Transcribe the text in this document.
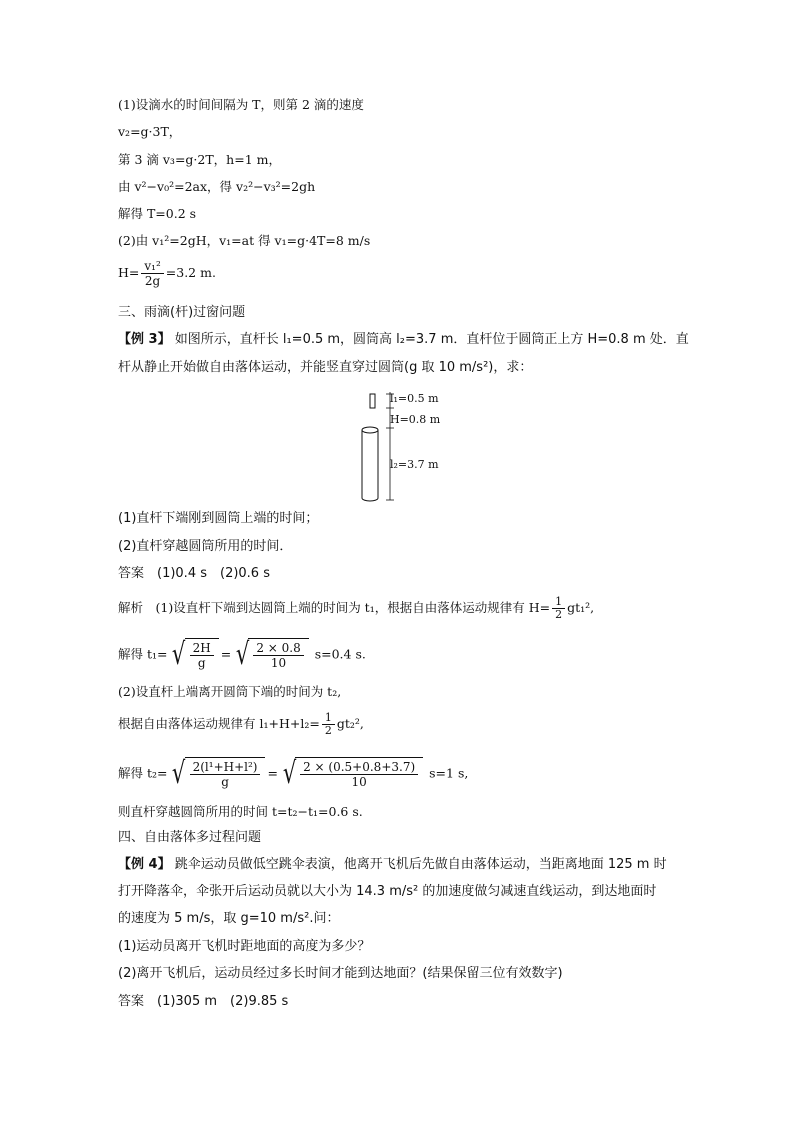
(1)设滴水的时间间隔为 T，则第 2 滴的速度
v₂=g·3T，
第 3 滴 v₃=g·2T，h=1 m，
由 v²−v₀²=2ax，得 v₂²−v₃²=2gh
解得 T=0.2 s
(2)由 v₁²=2gH，v₁=at 得 v₁=g·4T=8 m/s
$H= \frac{\text{v₁²}}{2g} =3.2$ m.
三、雨滴(杆)过窗问题
【例 3】 如图所示，直杆长 l₁=0.5 m，圆筒高 l₂=3.7 m．直杆位于圆筒正上方 H=0.8 m 处．直
杆从静止开始做自由落体运动，并能竖直穿过圆筒(g 取 10 m/s²)，求：
l₁=0.5 m
H=0.8 m
l₂=3.7 m
(1)直杆下端刚到圆筒上端的时间；
(2)直杆穿越圆筒所用的时间．
答案　(1)0.4 s　(2)0.6 s
解析　(1)设直杆下端到达圆筒上端的时间为 t₁，根据自由落体运动规律有 $H= \frac{1}{2} gt_1^2$,
解得 t₁= √ $\frac{2H}{g}$ = √ $\frac{2 \times 0.8}{10} s=0.4$ s.
(2)设直杆上端离开圆筒下端的时间为 t₂,
根据自由落体运动规律有 $l_1+H+l_2= \frac{1}{2} gt_2^2$,
解得 t₂= √ $\frac{\text{2(l¹+H+l²)}}{g}$ = √ $\frac{2 \times (0.5+0.8+3.7)}{10} s=1$ s,
则直杆穿越圆筒所用的时间 t=t₂−t₁=0.6 s.
四、自由落体多过程问题
【例 4】 跳伞运动员做低空跳伞表演，他离开飞机后先做自由落体运动，当距离地面 125 m 时
打开降落伞，伞张开后运动员就以大小为 14.3 m/s² 的加速度做匀减速直线运动，到达地面时
的速度为 5 m/s，取 g=10 m/s².问：
(1)运动员离开飞机时距地面的高度为多少？
(2)离开飞机后，运动员经过多长时间才能到达地面？(结果保留三位有效数字)
答案　(1)305 m　(2)9.85 s
